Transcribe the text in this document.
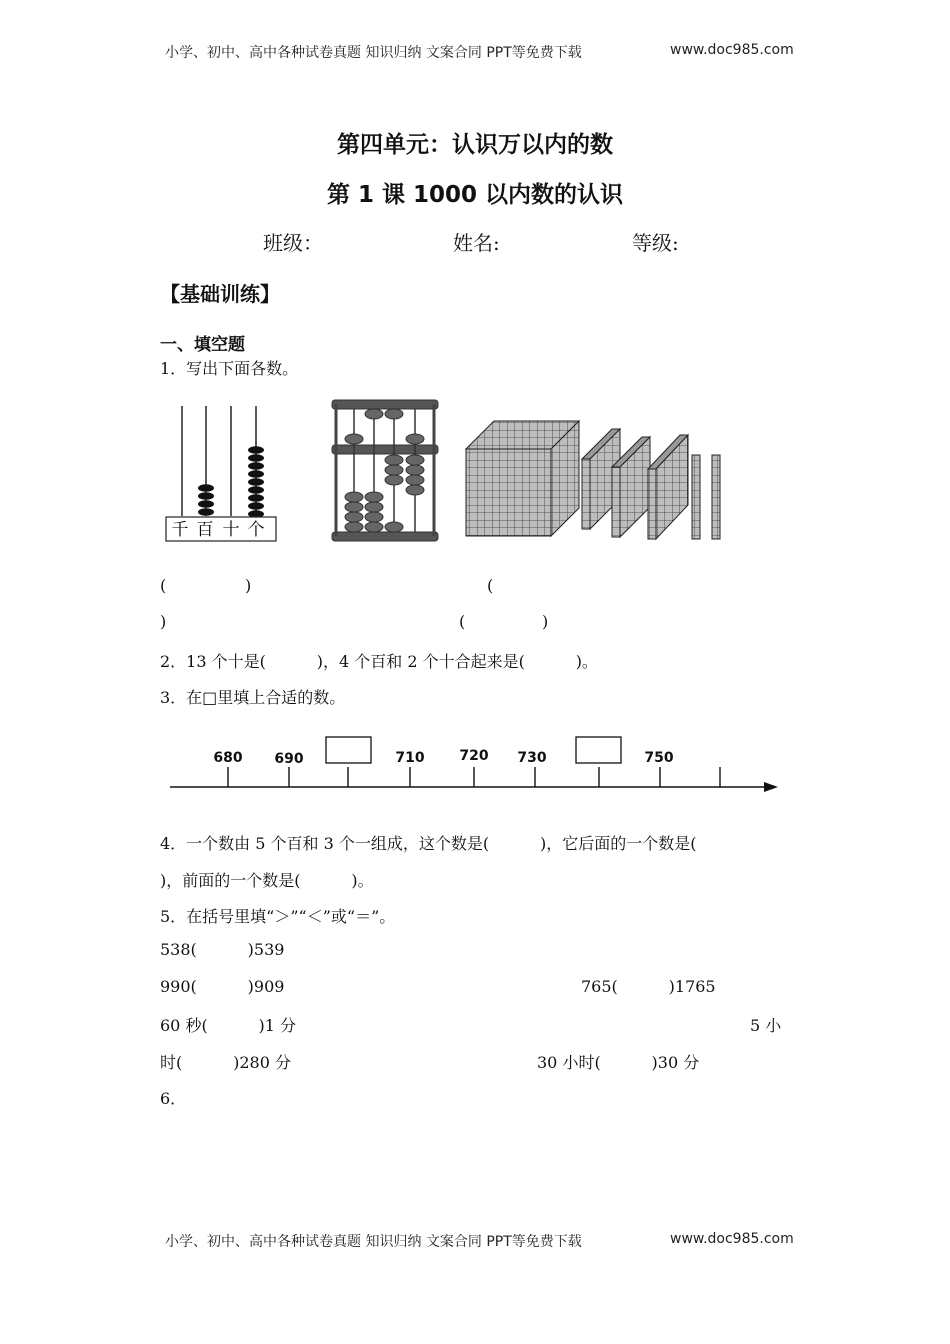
小学、初中、高中各种试卷真题 知识归纳 文案合同 PPT等免费下载	www.doc985.com
第四单元：认识万以内的数
第 1 课 1000 以内数的认识
班级：	姓名:	等级:
【基础训练】
一、填空题
1．写出下面各数。
千 百 十 个
(	)	(
)	(	)
2．13 个十是(          )，4 个百和 2 个十合起来是(          )。
3．在□里填上合适的数。
680 690	710 720 730	750
4．一个数由 5 个百和 3 个一组成，这个数是(          )，它后面的一个数是(
)，前面的一个数是(          )。
5．在括号里填“＞”“＜”或“＝”。
538(          )539
990(          )909	765(          )1765
60 秒(          )1 分	5 小
时(          )280 分	30 小时(          )30 分
6．
小学、初中、高中各种试卷真题 知识归纳 文案合同 PPT等免费下载	www.doc985.com
